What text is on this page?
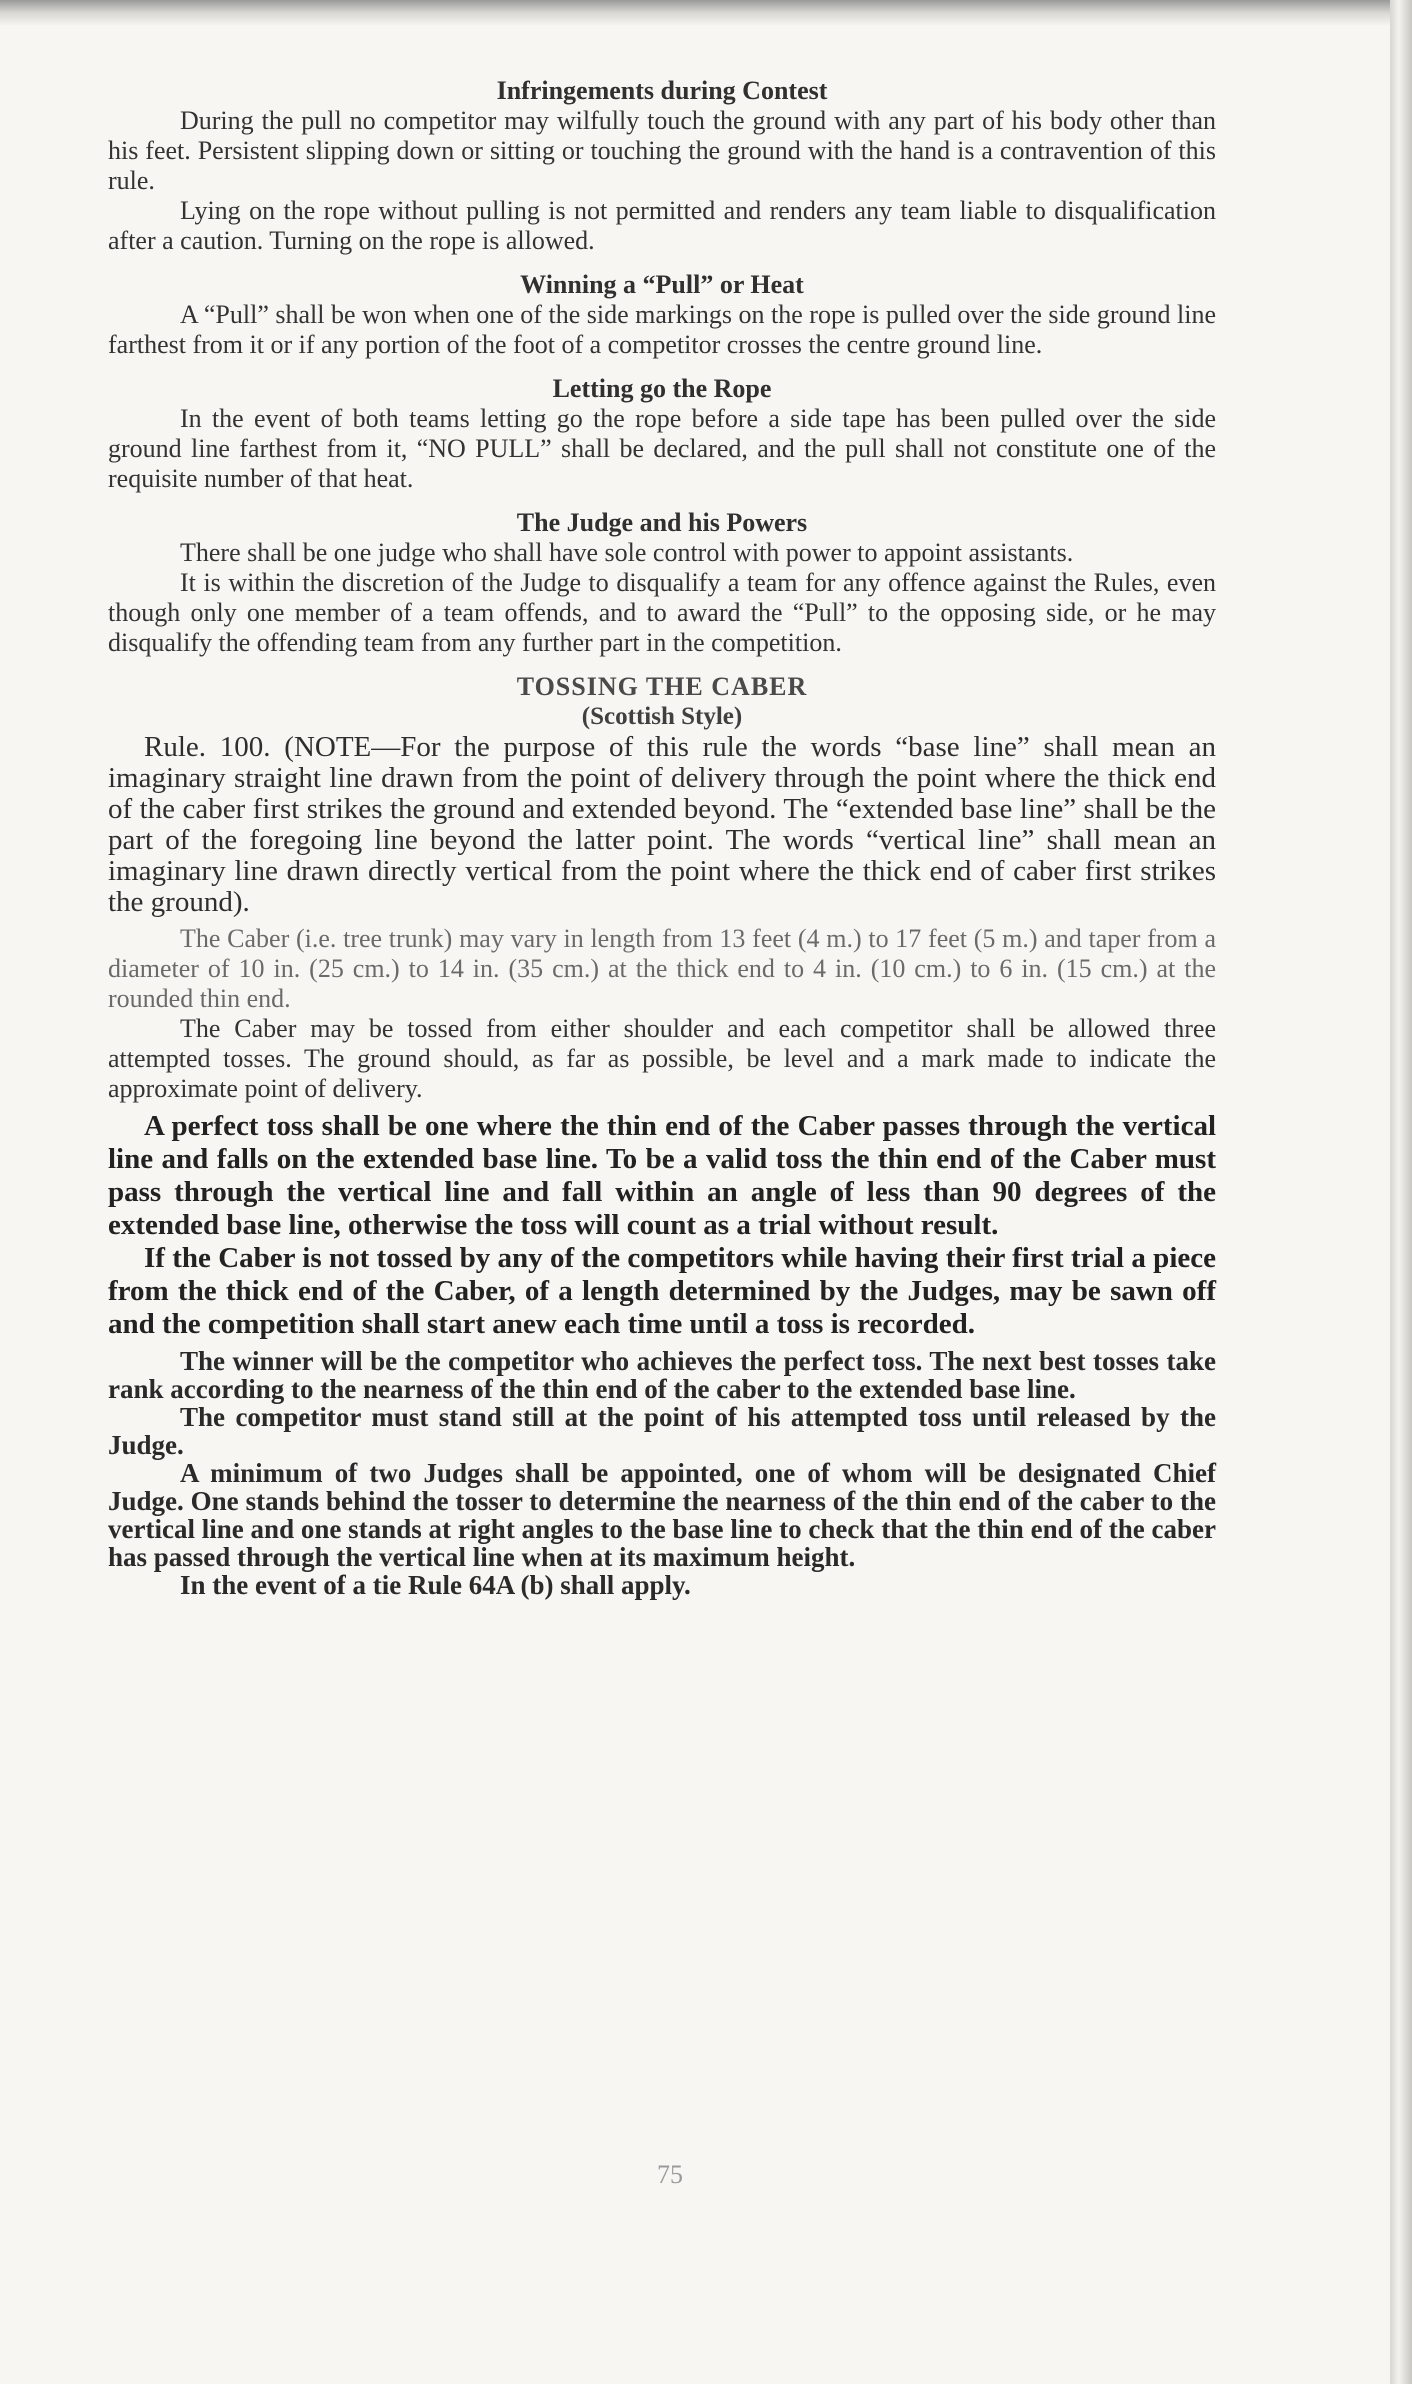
Infringements during Contest

During the pull no competitor may wilfully touch the ground with any part of his body other than his feet. Persistent slipping down or sitting or touching the ground with the hand is a contravention of this rule.

Lying on the rope without pulling is not permitted and renders any team liable to disqualification after a caution. Turning on the rope is allowed.

Winning a “Pull” or Heat

A “Pull” shall be won when one of the side markings on the rope is pulled over the side ground line farthest from it or if any portion of the foot of a competitor crosses the centre ground line.

Letting go the Rope

In the event of both teams letting go the rope before a side tape has been pulled over the side ground line farthest from it, “NO PULL” shall be declared, and the pull shall not constitute one of the requisite number of that heat.

The Judge and his Powers

There shall be one judge who shall have sole control with power to appoint assistants.

It is within the discretion of the Judge to disqualify a team for any offence against the Rules, even though only one member of a team offends, and to award the “Pull” to the opposing side, or he may disqualify the offending team from any further part in the competition.

TOSSING THE CABER

(Scottish Style)

Rule. 100. (NOTE—For the purpose of this rule the words “base line” shall mean an imaginary straight line drawn from the point of delivery through the point where the thick end of the caber first strikes the ground and extended beyond. The “extended base line” shall be the part of the foregoing line beyond the latter point. The words “vertical line” shall mean an imaginary line drawn directly vertical from the point where the thick end of caber first strikes the ground).

The Caber (i.e. tree trunk) may vary in length from 13 feet (4 m.) to 17 feet (5 m.) and taper from a diameter of 10 in. (25 cm.) to 14 in. (35 cm.) at the thick end to 4 in. (10 cm.) to 6 in. (15 cm.) at the rounded thin end.

The Caber may be tossed from either shoulder and each competitor shall be allowed three attempted tosses. The ground should, as far as possible, be level and a mark made to indicate the approximate point of delivery.

A perfect toss shall be one where the thin end of the Caber passes through the vertical line and falls on the extended base line. To be a valid toss the thin end of the Caber must pass through the vertical line and fall within an angle of less than 90 degrees of the extended base line, otherwise the toss will count as a trial without result.

If the Caber is not tossed by any of the competitors while having their first trial a piece from the thick end of the Caber, of a length determined by the Judges, may be sawn off and the competition shall start anew each time until a toss is recorded.

The winner will be the competitor who achieves the perfect toss. The next best tosses take rank according to the nearness of the thin end of the caber to the extended base line.

The competitor must stand still at the point of his attempted toss until released by the Judge.

A minimum of two Judges shall be appointed, one of whom will be designated Chief Judge. One stands behind the tosser to determine the nearness of the thin end of the caber to the vertical line and one stands at right angles to the base line to check that the thin end of the caber has passed through the vertical line when at its maximum height.

In the event of a tie Rule 64A (b) shall apply.

75
